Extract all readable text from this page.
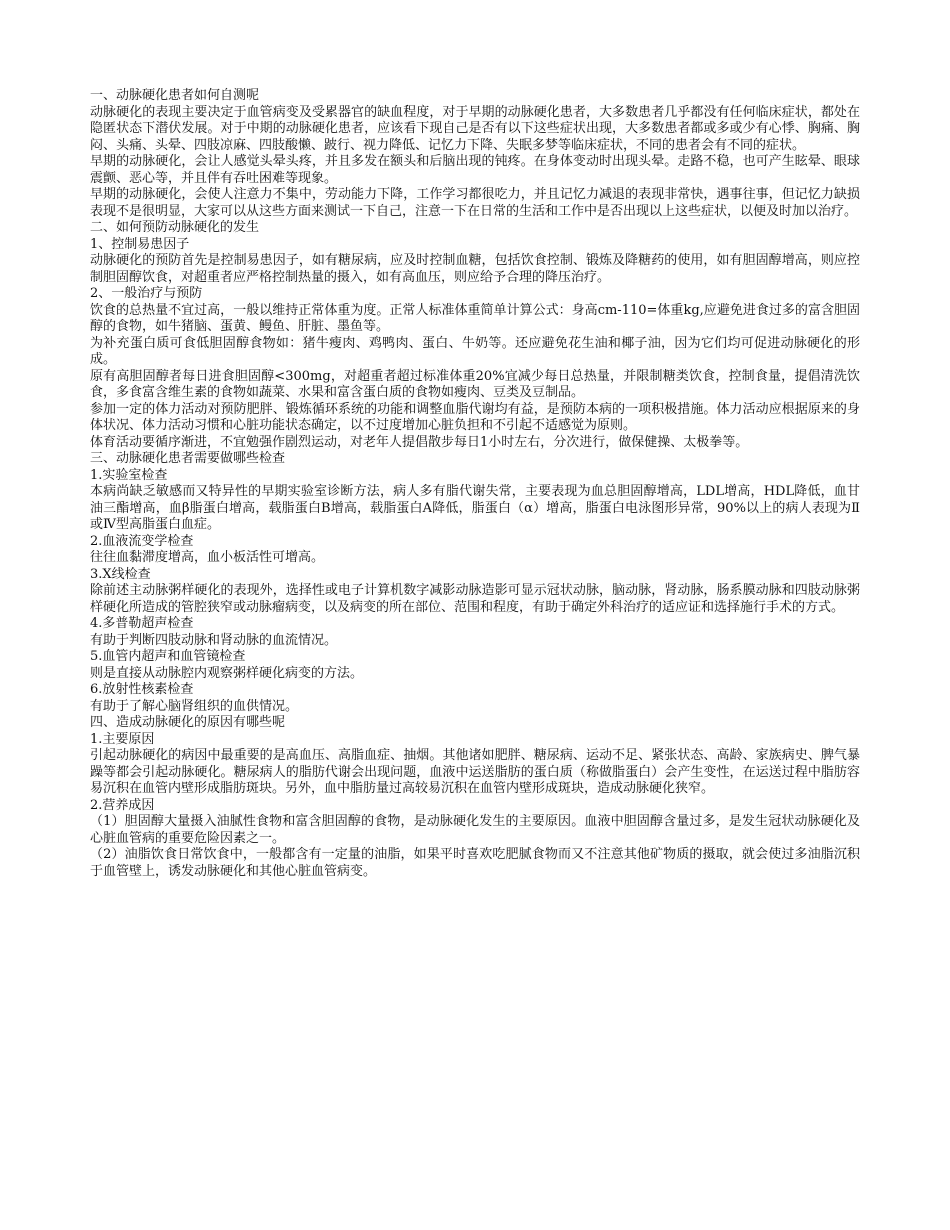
一、动脉硬化患者如何自测呢

动脉硬化的表现主要决定于血管病变及受累器官的缺血程度，对于早期的动脉硬化患者，大多数患者几乎都没有任何临床症状，都处在隐匿状态下潜伏发展。对于中期的动脉硬化患者，应该看下现自己是否有以下这些症状出现，大多数患者都或多或少有心悸、胸痛、胸闷、头痛、头晕、四肢凉麻、四肢酸懒、跛行、视力降低、记忆力下降、失眠多梦等临床症状，不同的患者会有不同的症状。

早期的动脉硬化，会让人感觉头晕头疼，并且多发在额头和后脑出现的钝疼。在身体变动时出现头晕。走路不稳，也可产生眩晕、眼球震颤、恶心等，并且伴有吞吐困难等现象。

早期的动脉硬化，会使人注意力不集中，劳动能力下降，工作学习都很吃力，并且记忆力减退的表现非常快，遇事往事，但记忆力缺损表现不是很明显，大家可以从这些方面来测试一下自己，注意一下在日常的生活和工作中是否出现以上这些症状，以便及时加以治疗。

二、如何预防动脉硬化的发生

1、控制易患因子

动脉硬化的预防首先是控制易患因子，如有糖尿病，应及时控制血糖，包括饮食控制、锻炼及降糖药的使用，如有胆固醇增高，则应控制胆固醇饮食，对超重者应严格控制热量的摄入，如有高血压，则应给予合理的降压治疗。

2、一般治疗与预防

饮食的总热量不宜过高，一般以维持正常体重为度。正常人标准体重简单计算公式：身高cm-110=体重kg,应避免进食过多的富含胆固醇的食物，如牛猪脑、蛋黄、鳗鱼、肝脏、墨鱼等。

为补充蛋白质可食低胆固醇食物如：猪牛瘦肉、鸡鸭肉、蛋白、牛奶等。还应避免花生油和椰子油，因为它们均可促进动脉硬化的形成。

原有高胆固醇者每日进食胆固醇<300mg，对超重者超过标准体重20%宜减少每日总热量，并限制糖类饮食，控制食量，提倡清洗饮食，多食富含维生素的食物如蔬菜、水果和富含蛋白质的食物如瘦肉、豆类及豆制品。

参加一定的体力活动对预防肥胖、锻炼循环系统的功能和调整血脂代谢均有益，是预防本病的一项积极措施。体力活动应根据原来的身体状况、体力活动习惯和心脏功能状态确定，以不过度增加心脏负担和不引起不适感觉为原则。

体育活动要循序渐进，不宜勉强作剧烈运动，对老年人提倡散步每日1小时左右，分次进行，做保健操、太极拳等。

三、动脉硬化患者需要做哪些检查

1.实验室检查

本病尚缺乏敏感而又特异性的早期实验室诊断方法，病人多有脂代谢失常，主要表现为血总胆固醇增高，LDL增高，HDL降低，血甘油三酯增高，血β脂蛋白增高，载脂蛋白B增高，载脂蛋白A降低，脂蛋白（α）增高，脂蛋白电泳图形异常，90%以上的病人表现为Ⅱ或Ⅳ型高脂蛋白血症。

2.血液流变学检查

往往血黏滞度增高，血小板活性可增高。

3.X线检查

除前述主动脉粥样硬化的表现外，选择性或电子计算机数字减影动脉造影可显示冠状动脉，脑动脉，肾动脉，肠系膜动脉和四肢动脉粥样硬化所造成的管腔狭窄或动脉瘤病变，以及病变的所在部位、范围和程度，有助于确定外科治疗的适应证和选择施行手术的方式。

4.多普勒超声检查

有助于判断四肢动脉和肾动脉的血流情况。

5.血管内超声和血管镜检查

则是直接从动脉腔内观察粥样硬化病变的方法。

6.放射性核素检查

有助于了解心脑肾组织的血供情况。

四、造成动脉硬化的原因有哪些呢

1.主要原因

引起动脉硬化的病因中最重要的是高血压、高脂血症、抽烟。其他诸如肥胖、糖尿病、运动不足、紧张状态、高龄、家族病史、脾气暴躁等都会引起动脉硬化。糖尿病人的脂肪代谢会出现问题，血液中运送脂肪的蛋白质（称做脂蛋白）会产生变性，在运送过程中脂肪容易沉积在血管内壁形成脂肪斑块。另外，血中脂肪量过高较易沉积在血管内壁形成斑块，造成动脉硬化狭窄。

2.营养成因

（1）胆固醇大量摄入油腻性食物和富含胆固醇的食物，是动脉硬化发生的主要原因。血液中胆固醇含量过多，是发生冠状动脉硬化及心脏血管病的重要危险因素之一。

（2）油脂饮食日常饮食中，一般都含有一定量的油脂，如果平时喜欢吃肥腻食物而又不注意其他矿物质的摄取，就会使过多油脂沉积于血管壁上，诱发动脉硬化和其他心脏血管病变。
